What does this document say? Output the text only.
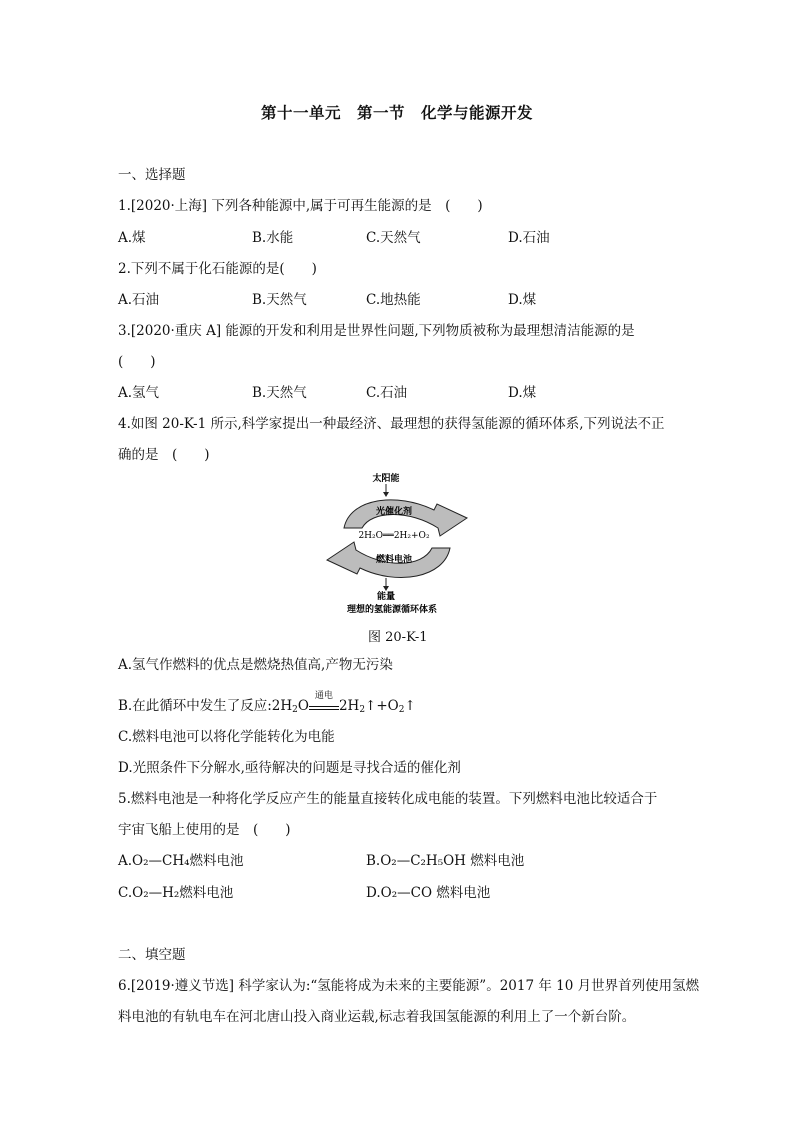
第十一单元　第一节　化学与能源开发
一、选择题
1.[2020·上海] 下列各种能源中,属于可再生能源的是　(　　)
A.煤	B.水能	C.天然气	D.石油
2.下列不属于化石能源的是(　　)
A.石油	B.天然气	C.地热能	D.煤
3.[2020·重庆 A] 能源的开发和利用是世界性问题,下列物质被称为最理想清洁能源的是
(　　)
A.氢气	B.天然气	C.石油	D.煤
4.如图 20-K-1 所示,科学家提出一种最经济、最理想的获得氢能源的循环体系,下列说法不正
确的是　(　　)
太阳能
光催化剂
2H₂O══2H₂+O₂
燃料电池
能量
理想的氢能源循环体系
图 20-K-1
A.氢气作燃料的优点是燃烧热值高,产物无污染
B.在此循环中发生了反应$:2H_2O$
通电
$2H_2↑+O_2↑$
C.燃料电池可以将化学能转化为电能
D.光照条件下分解水,亟待解决的问题是寻找合适的催化剂
5.燃料电池是一种将化学反应产生的能量直接转化成电能的装置。下列燃料电池比较适合于
宇宙飞船上使用的是　(　　)
A.O₂—CH₄燃料电池	B.O₂—C₂H₅OH 燃料电池
C.O₂—H₂燃料电池	D.O₂—CO 燃料电池
二、填空题
6.[2019·遵义节选] 科学家认为:“氢能将成为未来的主要能源”。2017 年 10 月世界首列使用氢燃
料电池的有轨电车在河北唐山投入商业运载,标志着我国氢能源的利用上了一个新台阶。
